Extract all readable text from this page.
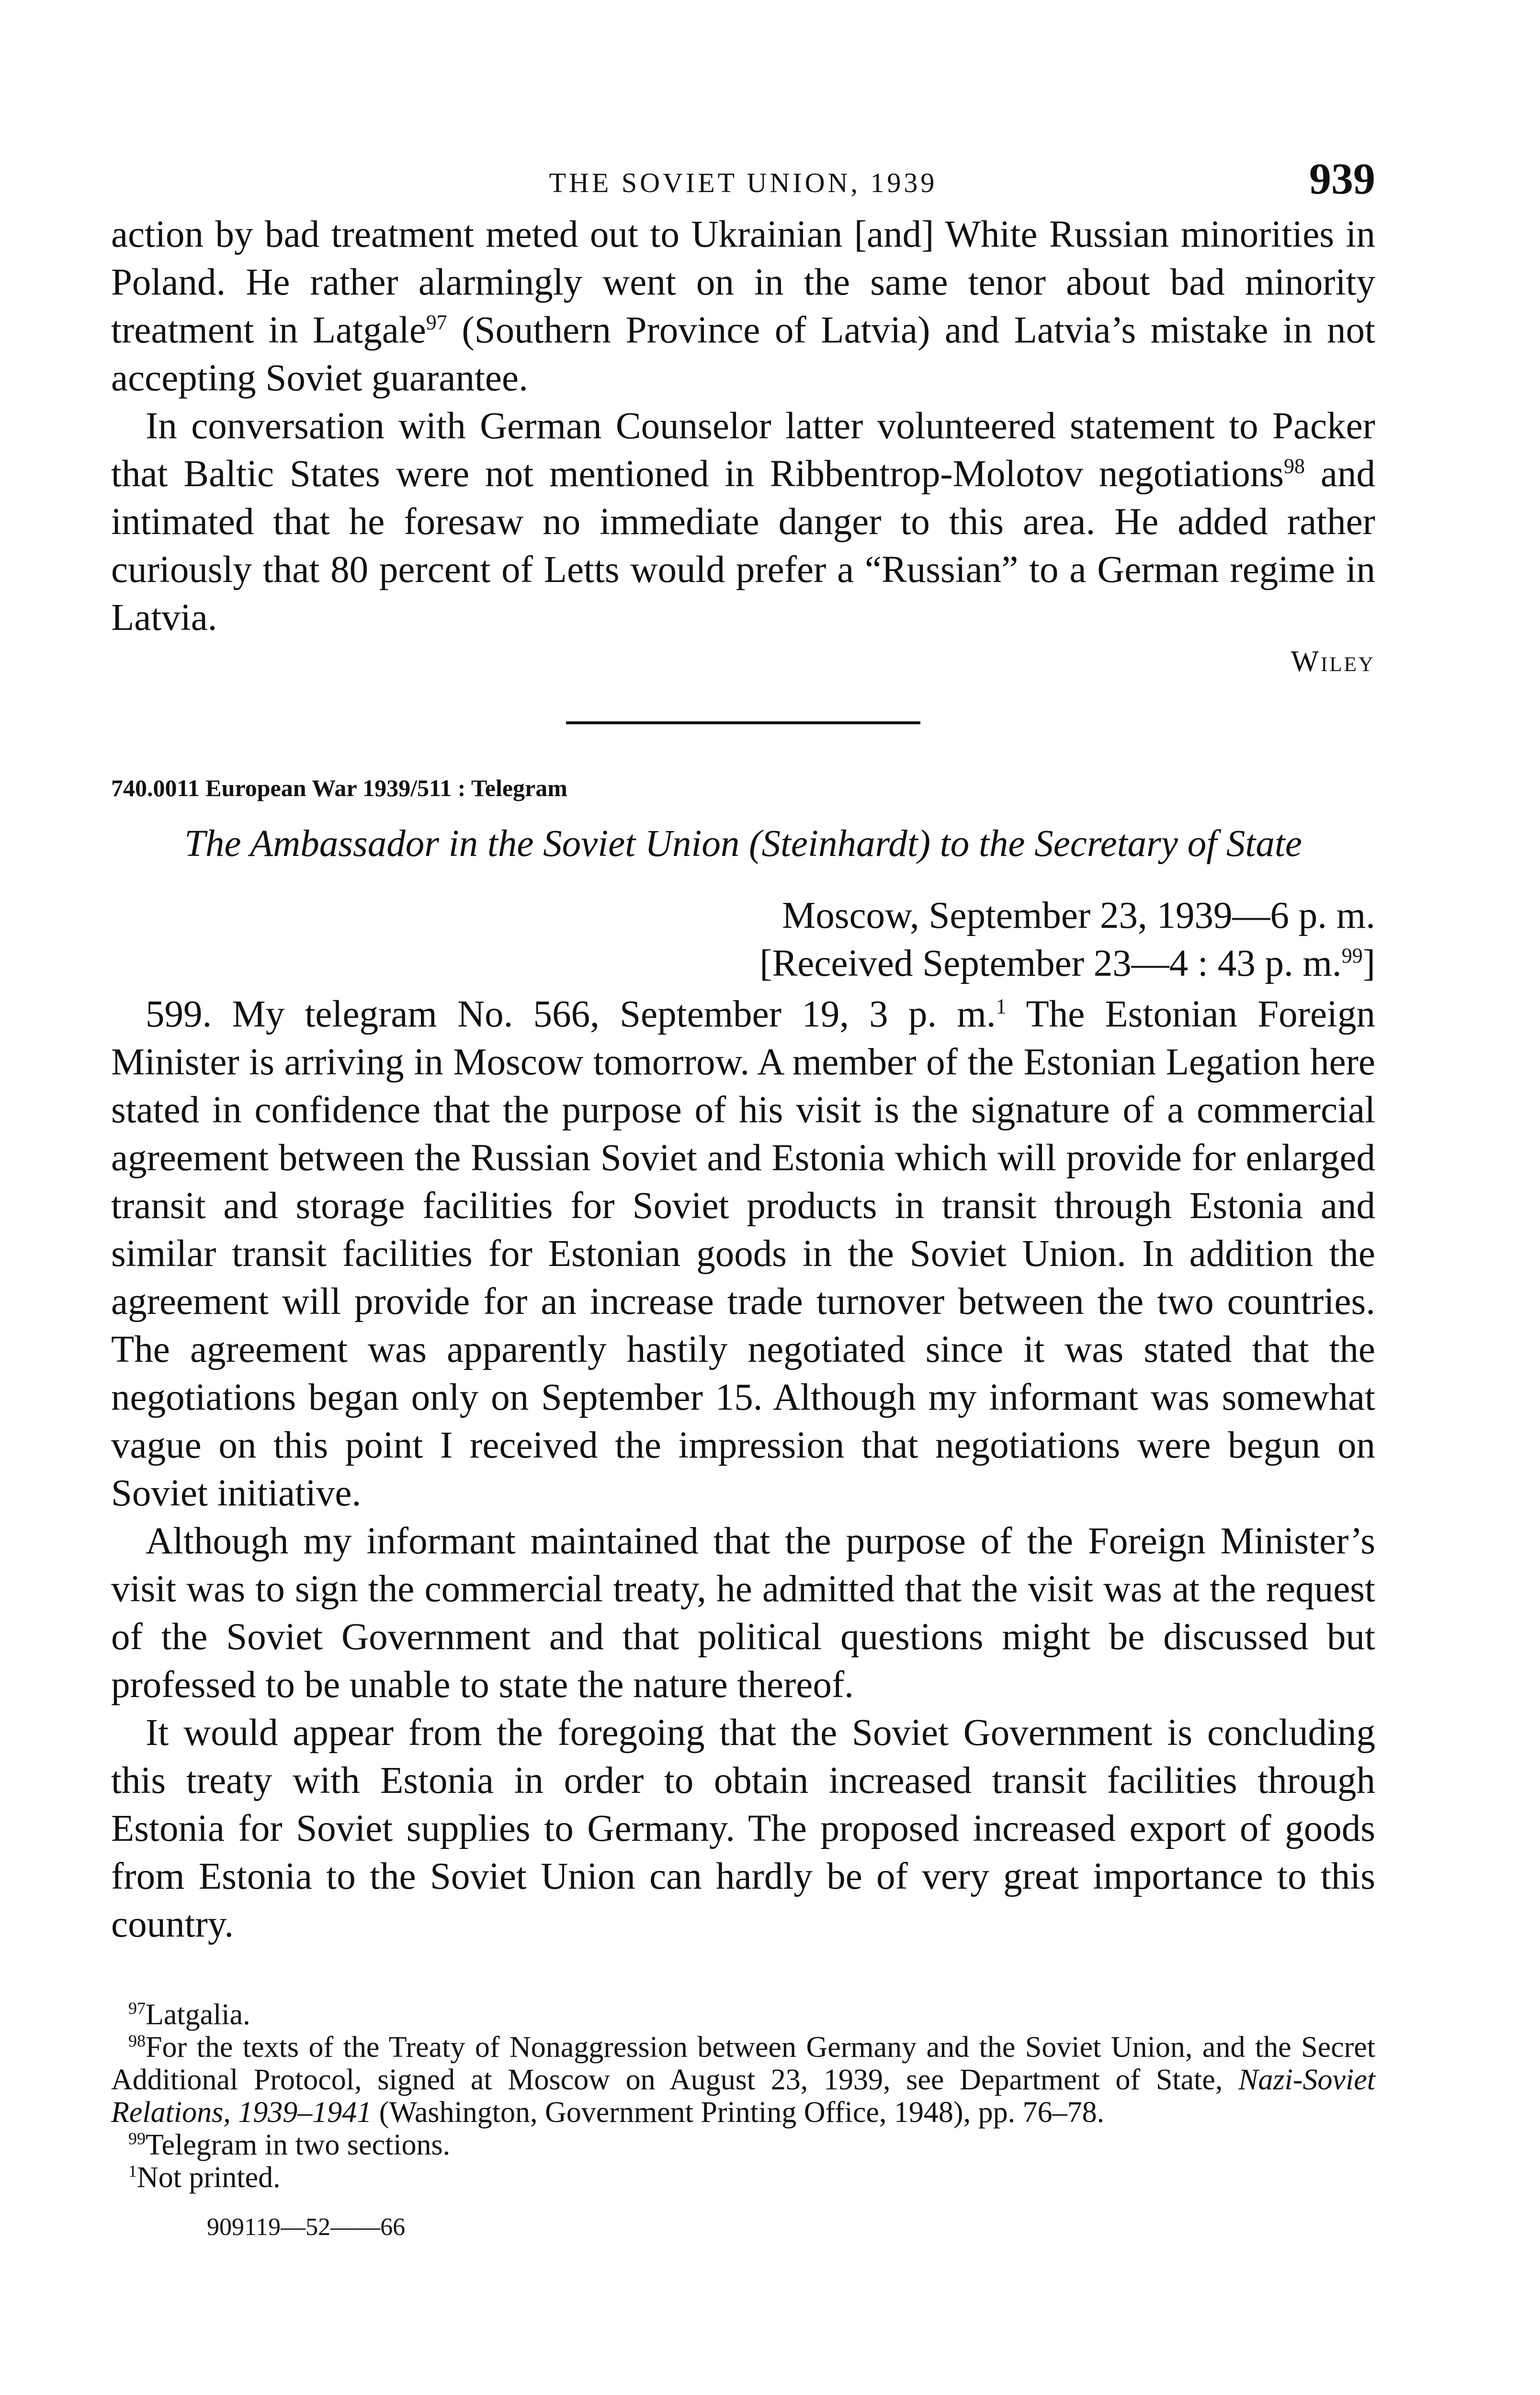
THE SOVIET UNION, 1939	939

action by bad treatment meted out to Ukrainian [and] White Russian minorities in Poland. He rather alarmingly went on in the same tenor about bad minority treatment in Latgale$^{97}$ (Southern Province of Latvia) and Latvia’s mistake in not accepting Soviet guarantee.

In conversation with German Counselor latter volunteered statement to Packer that Baltic States were not mentioned in Ribbentrop-Molotov negotiations$^{98}$ and intimated that he foresaw no immediate danger to this area. He added rather curiously that 80 percent of Letts would prefer a “Russian” to a German regime in Latvia.

Wiley
740.0011 European War 1939/511 : Telegram
The Ambassador in the Soviet Union (Steinhardt) to the Secretary of State
Moscow, September 23, 1939—6 p. m.
[Received September 23—4 : 43 p. m.$^{99}$]

599. My telegram No. 566, September 19, 3 p. m.$^1$ The Estonian Foreign Minister is arriving in Moscow tomorrow. A member of the Estonian Legation here stated in confidence that the purpose of his visit is the signature of a commercial agreement between the Russian Soviet and Estonia which will provide for enlarged transit and storage facilities for Soviet products in transit through Estonia and similar transit facilities for Estonian goods in the Soviet Union. In addition the agreement will provide for an increase trade turnover between the two countries. The agreement was apparently hastily negotiated since it was stated that the negotiations began only on September 15. Although my informant was somewhat vague on this point I received the impression that negotiations were begun on Soviet initiative.

Although my informant maintained that the purpose of the Foreign Minister’s visit was to sign the commercial treaty, he admitted that the visit was at the request of the Soviet Government and that political questions might be discussed but professed to be unable to state the nature thereof.

It would appear from the foregoing that the Soviet Government is concluding this treaty with Estonia in order to obtain increased transit facilities through Estonia for Soviet supplies to Germany. The proposed increased export of goods from Estonia to the Soviet Union can hardly be of very great importance to this country.

$^{97}$Latgalia.
$^{98}$For the texts of the Treaty of Nonaggression between Germany and the Soviet Union, and the Secret Additional Protocol, signed at Moscow on August 23, 1939, see Department of State, Nazi-Soviet Relations, 1939–1941 (Washington, Government Printing Office, 1948), pp. 76–78.
$^{99}$Telegram in two sections.
$^1$Not printed.
909119—52——66
